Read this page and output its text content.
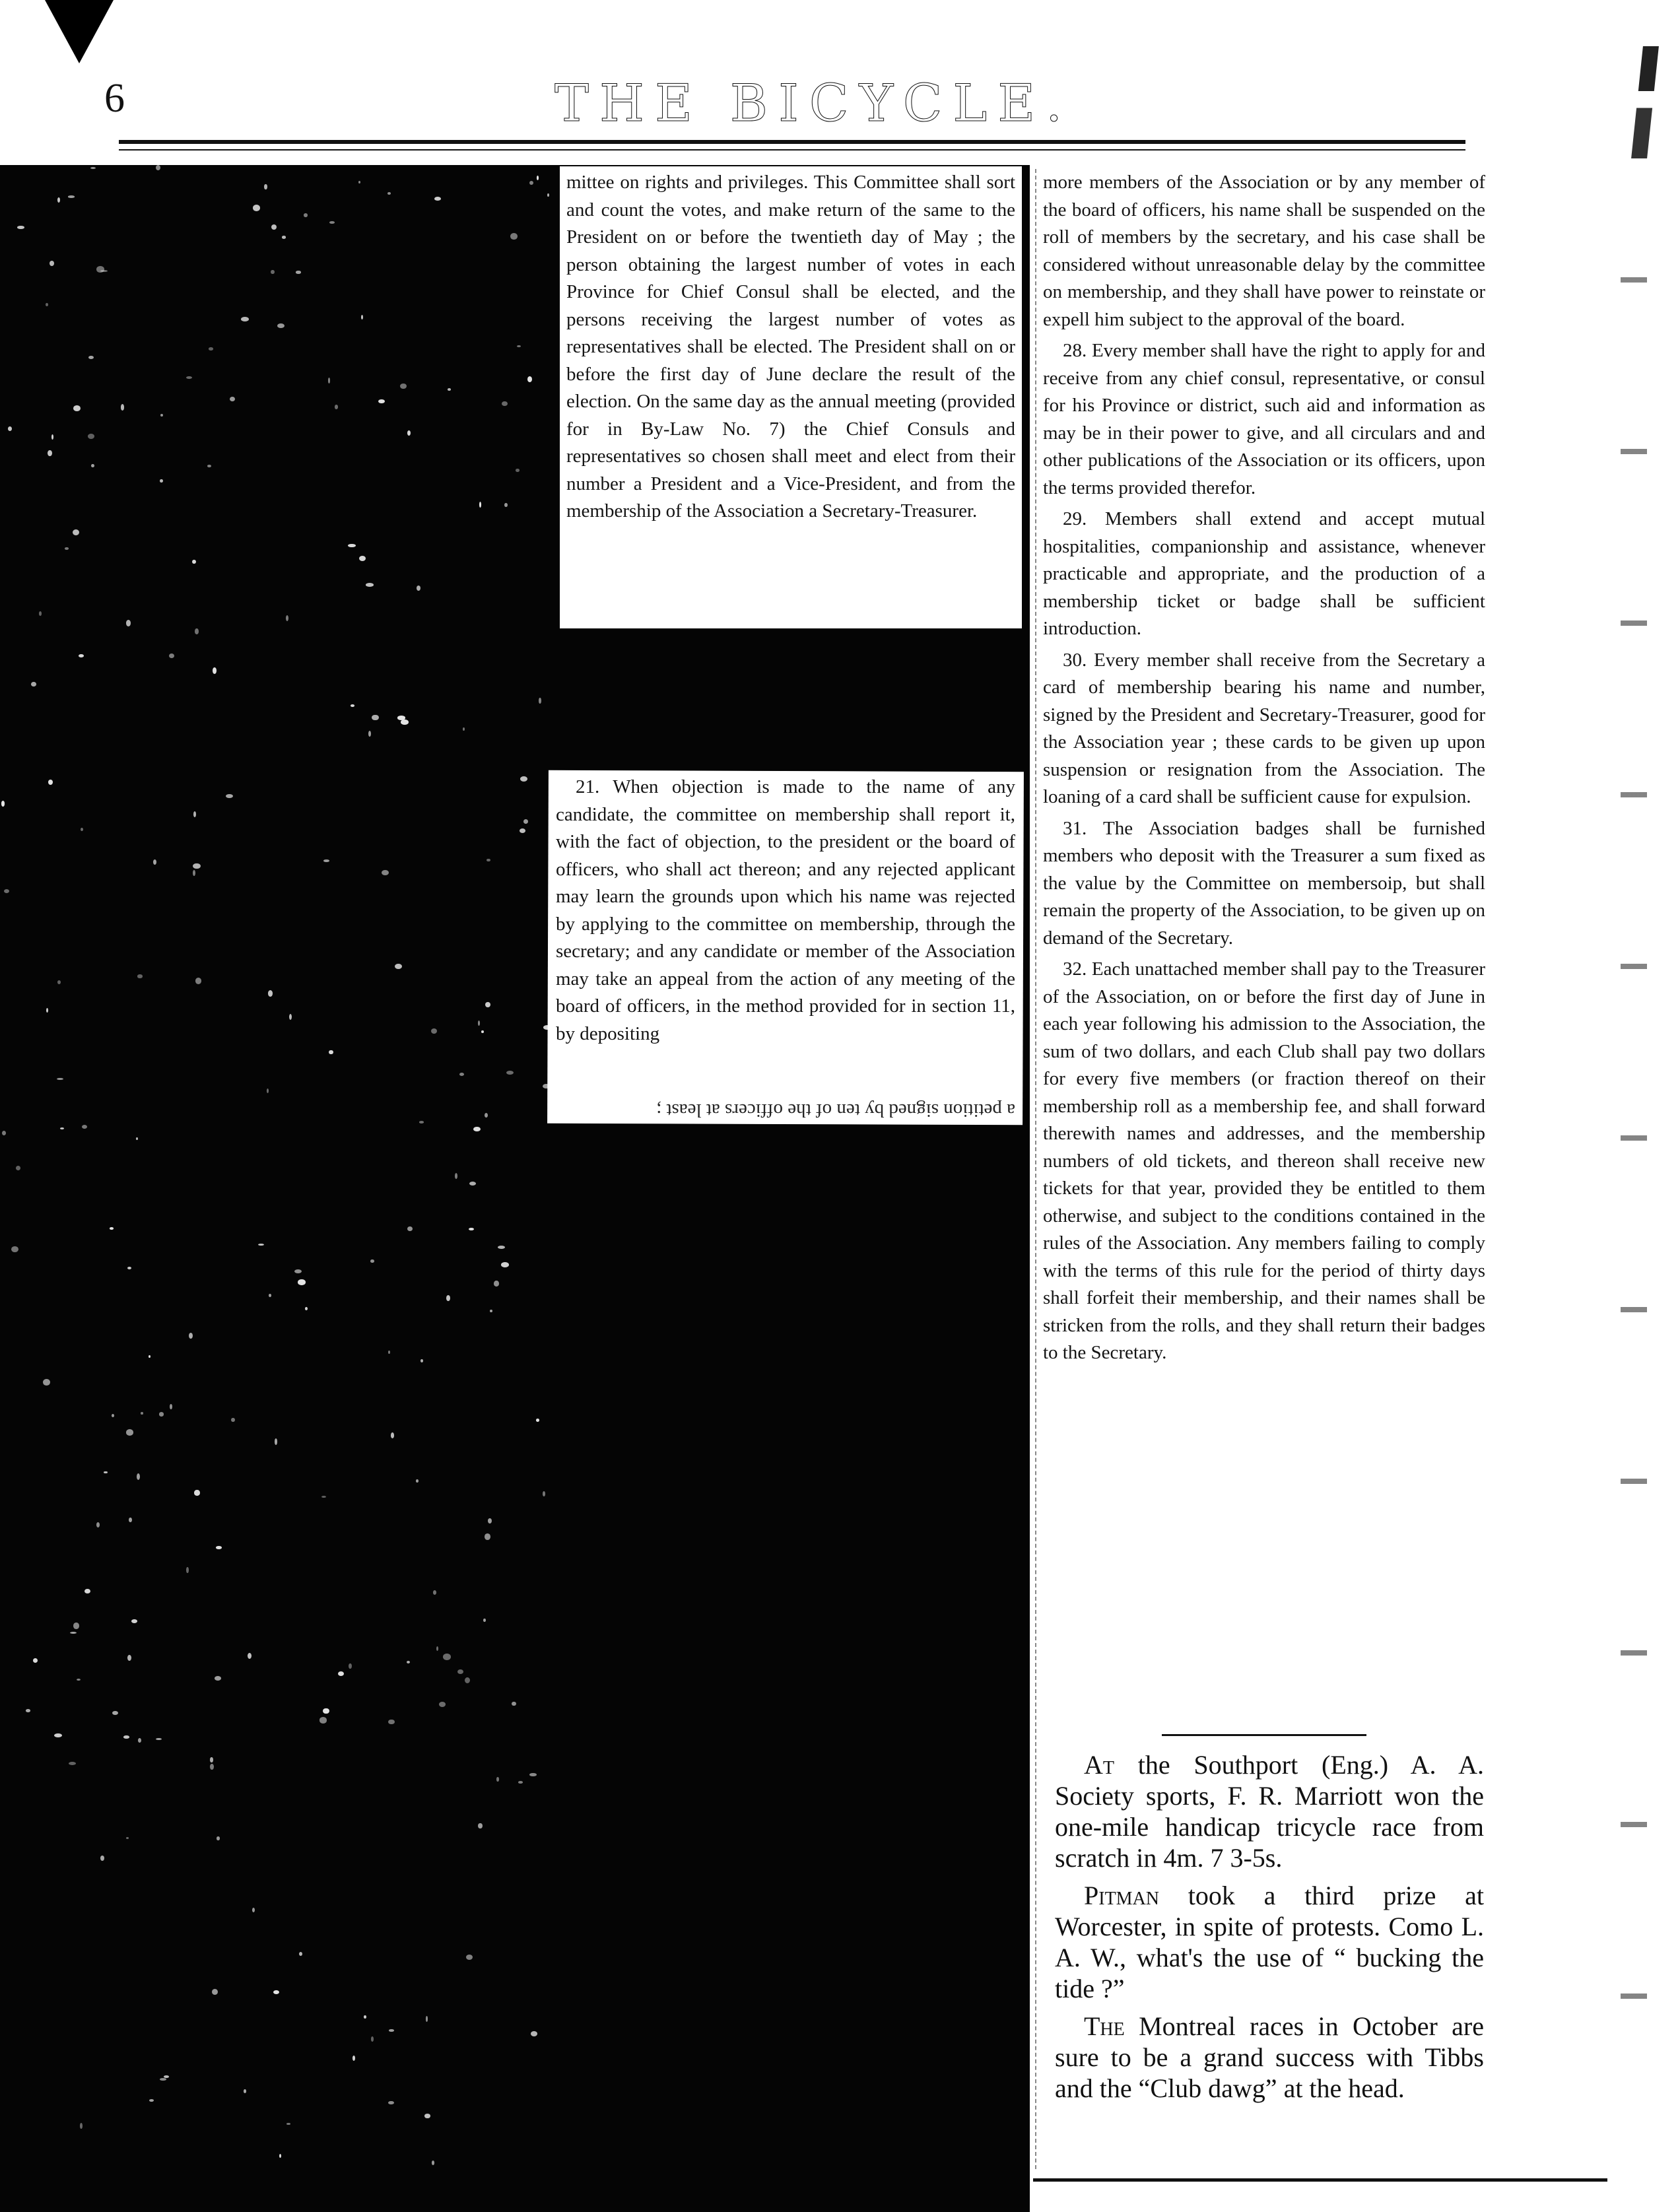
6	THE BICYCLE.

mittee on rights and privileges. This Committee shall sort and count the votes, and make return of the same to the President on or before the twentieth day of May ; the person obtaining the largest number of votes in each Province for Chief Consul shall be elected, and the persons receiving the largest number of votes as representatives shall be elected. The President shall on or before the first day of June declare the result of the election. On the same day as the annual meeting (provided for in By-Law No. 7) the Chief Consuls and representatives so chosen shall meet and elect from their number a President and a Vice-President, and from the membership of the Association a Secretary-Treasurer.

21. When objection is made to the name of any candidate, the committee on membership shall report it, with the fact of objection, to the president or the board of officers, who shall act thereon; and any rejected applicant may learn the grounds upon which his name was rejected by applying to the committee on membership, through the secretary; and any candidate or member of the Association may take an appeal from the action of any meeting of the board of officers, in the method provided for in section 11, by depositing

a petition signed by ten of the officers at least ;

more members of the Association or by any member of the board of officers, his name shall be suspended on the roll of members by the secretary, and his case shall be considered without unreasonable delay by the committee on membership, and they shall have power to reinstate or expell him subject to the approval of the board.

28. Every member shall have the right to apply for and receive from any chief consul, representative, or consul for his Province or district, such aid and information as may be in their power to give, and all circulars and and other publications of the Association or its officers, upon the terms provided therefor.

29. Members shall extend and accept mutual hospitalities, companionship and assistance, whenever practicable and appropriate, and the production of a membership ticket or badge shall be sufficient introduction.

30. Every member shall receive from the Secretary a card of membership bearing his name and number, signed by the President and Secretary-Treasurer, good for the Association year ; these cards to be given up upon suspension or resignation from the Association. The loaning of a card shall be sufficient cause for expulsion.

31. The Association badges shall be furnished members who deposit with the Treasurer a sum fixed as the value by the Committee on membersoip, but shall remain the property of the Association, to be given up on demand of the Secretary.

32. Each unattached member shall pay to the Treasurer of the Association, on or before the first day of June in each year following his admission to the Association, the sum of two dollars, and each Club shall pay two dollars for every five members (or fraction thereof on their membership roll as a membership fee, and shall forward therewith names and addresses, and the membership numbers of old tickets, and thereon shall receive new tickets for that year, provided they be entitled to them otherwise, and subject to the conditions contained in the rules of the Association. Any members failing to comply with the terms of this rule for the period of thirty days shall forfeit their membership, and their names shall be stricken from the rolls, and they shall return their badges to the Secretary.

At the Southport (Eng.) A. A. Society sports, F. R. Marriott won the one-mile handicap tricycle race from scratch in 4m. 7 3-5s.

Pitman took a third prize at Worcester, in spite of protests. Como L. A. W., what's the use of “ bucking the tide ?”

The Montreal races in October are sure to be a grand success with Tibbs and the “Club dawg” at the head.
